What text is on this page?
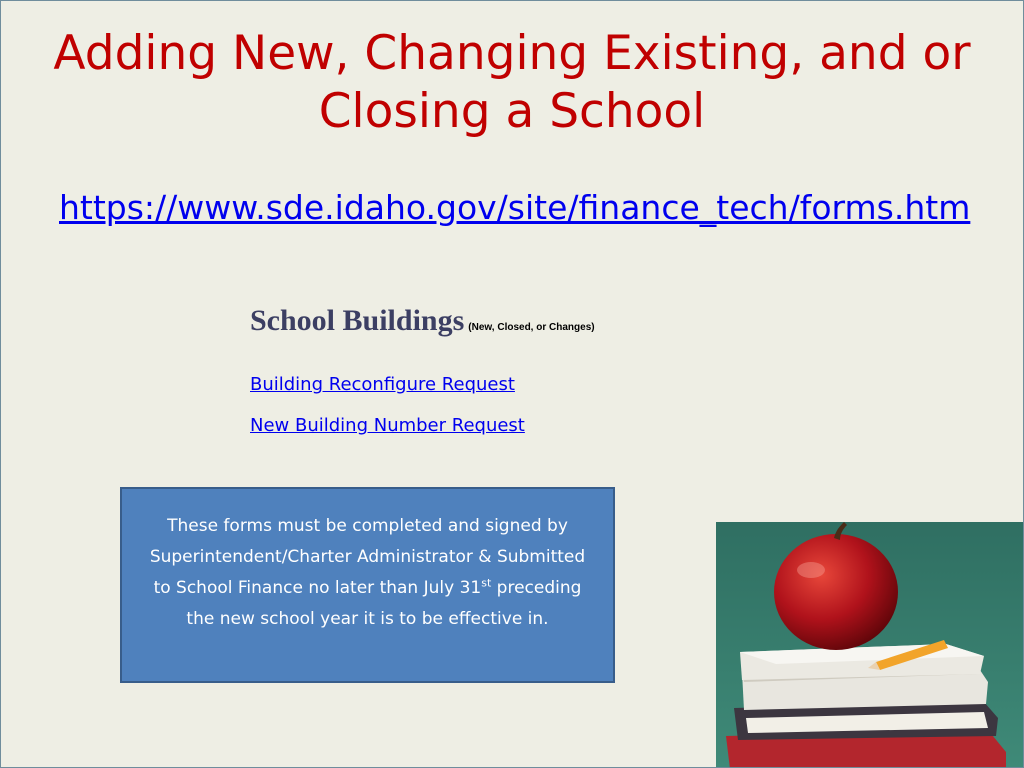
Adding New, Changing Existing, and or Closing a School
https://www.sde.idaho.gov/site/finance_tech/forms.htm
School Buildings (New, Closed, or Changes)
Building Reconfigure Request
New Building Number Request
These forms must be completed and signed by Superintendent/Charter Administrator & Submitted to School Finance no later than July 31st preceding the new school year it is to be effective in.
